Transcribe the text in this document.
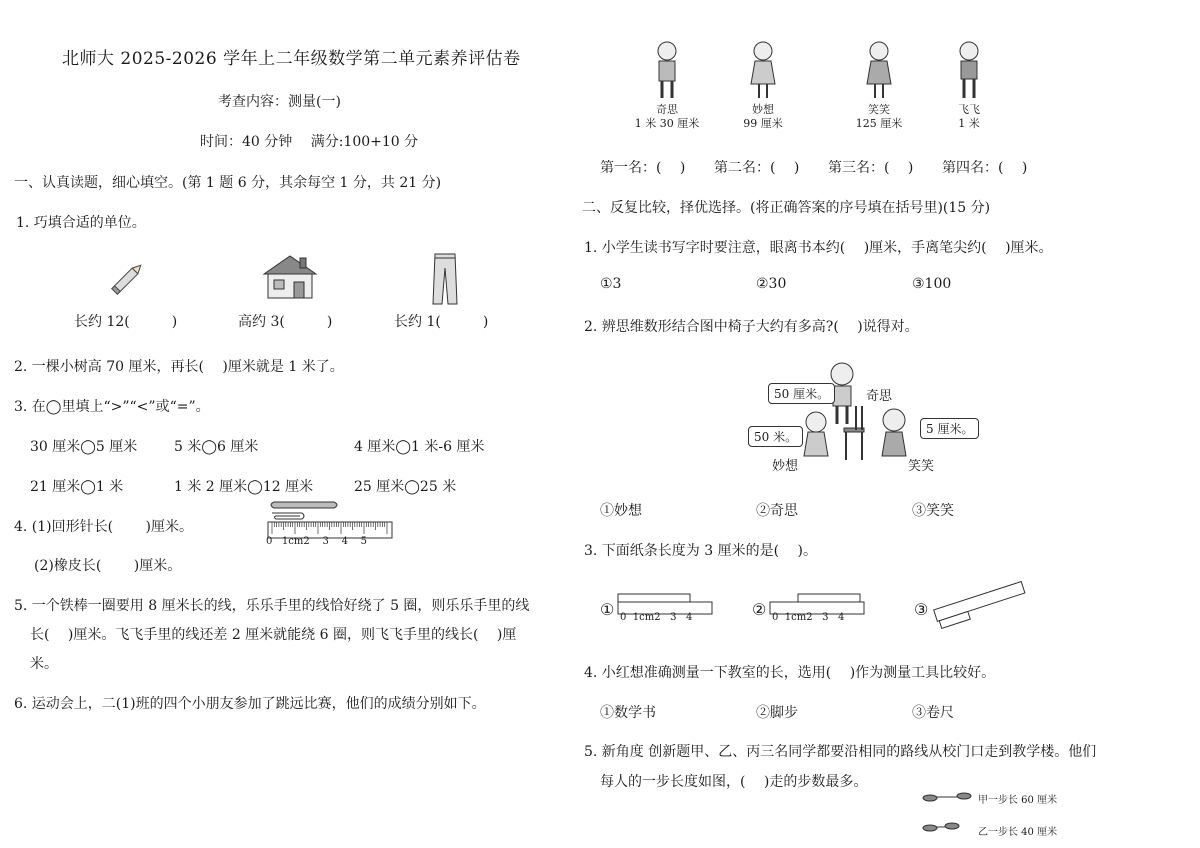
北师大 2025-2026 学年上二年级数学第二单元素养评估卷
考查内容：测量(一)
时间：40 分钟　 满分:100+10 分
一、认真读题，细心填空。(第 1 题 6 分，其余每空 1 分，共 21 分)
1. 巧填合适的单位。
长约 12(　　　)	高约 3(　　　)	长约 1(　　　)
2. 一棵小树高 70 厘米，再长(　 )厘米就是 1 米了。
3. 在◯里填上“>”“<”或“=”。
30 厘米◯5 厘米	5 米◯6 厘米	4 厘米◯1 米-6 厘米
21 厘米◯1 米	1 米 2 厘米◯12 厘米	25 厘米◯25 米
4. (1)回形针长(　　 )厘米。
(2)橡皮长(　　 )厘米。
0 1cm2 3 4 5
5. 一个铁棒一圈要用 8 厘米长的线，乐乐手里的线恰好绕了 5 圈，则乐乐手里的线
长(　 )厘米。飞飞手里的线还差 2 厘米就能绕 6 圈，则飞飞手里的线长(　 )厘
米。
6. 运动会上，二(1)班的四个小朋友参加了跳远比赛，他们的成绩分别如下。
奇思
1 米 30 厘米
妙想
99 厘米
笑笑
125 厘米
飞飞
1 米
第一名：(　 ) 第二名：(　 ) 第三名：(　 ) 第四名：(　 )
二、反复比较，择优选择。(将正确答案的序号填在括号里)(15 分)
1. 小学生读书写字时要注意，眼离书本约(　 )厘米，手离笔尖约(　 )厘米。
①3	②30	③100
2. 辨思维数形结合图中椅子大约有多高?(　 )说得对。
50 厘米。
50 米。
5 厘米。
奇思
妙想	笑笑
①妙想	②奇思	③笑笑
3. 下面纸条长度为 3 厘米的是(　 )。
①	②	③
0 1cm2 3 4	0 1cm2 3 4
4. 小红想准确测量一下教室的长，选用(　 )作为测量工具比较好。
①数学书	②脚步	③卷尺
5. 新角度 创新题甲、乙、丙三名同学都要沿相同的路线从校门口走到教学楼。他们
每人的一步长度如图，(　 )走的步数最多。
甲一步长 60 厘米
乙一步长 40 厘米
